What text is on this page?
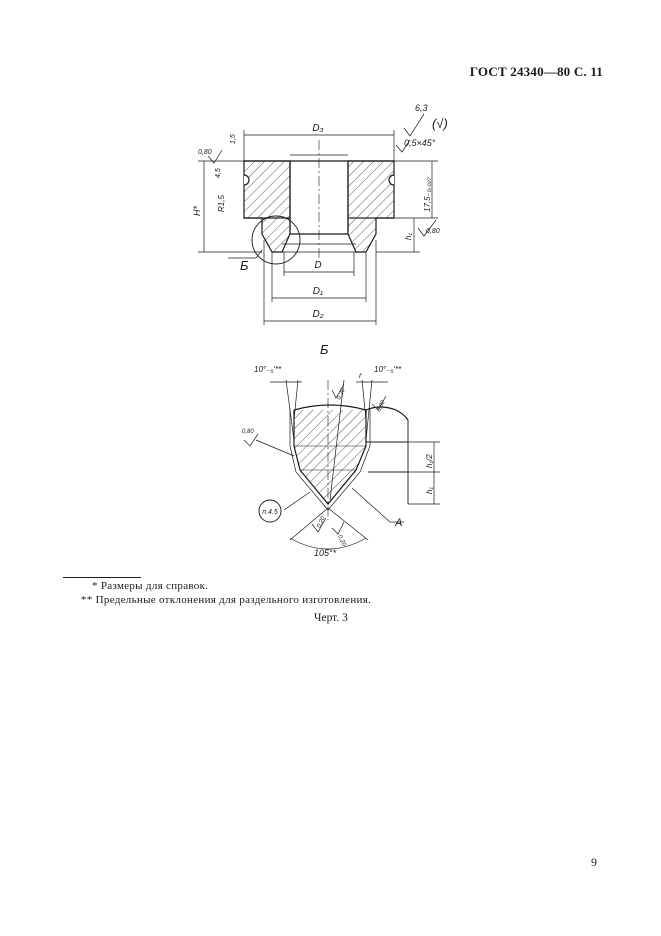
ГОСТ 24340—80 С. 11
D₃
D
D₁
D₂
6,3
(√)
0,5×45°
0,80
0,80
Б
1,5
4,5
H* R1,5	17,5₋₀,₀₂₇
h₁
Б
10°₋₅′**	10°₋₅′**
r
0,20
0,80
0,80
0,20
0,20
h₁/2
h₁
105°*
A
п.4.5
* Размеры для справок.
** Предельные отклонения для раздельного изготовления.
Черт. 3
9
